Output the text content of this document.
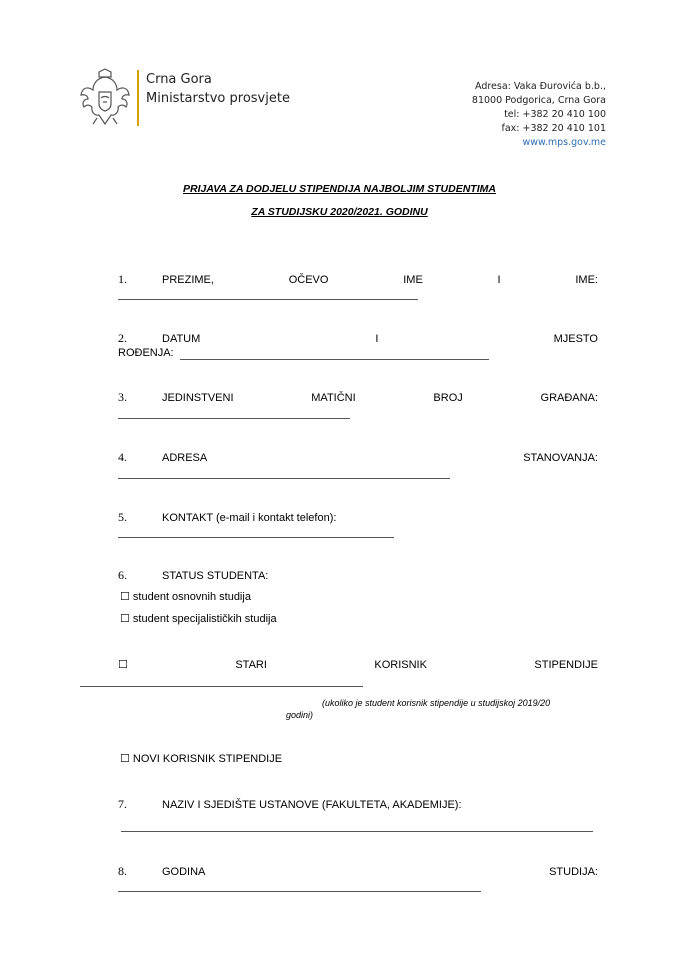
Crna Gora
Ministarstvo prosvjete
Adresa: Vaka Đurovića b.b.,
81000 Podgorica, Crna Gora
tel: +382 20 410 100
fax: +382 20 410 101
www.mps.gov.me
PRIJAVA ZA DODJELU STIPENDIJA NAJBOLJIM STUDENTIMA
ZA STUDIJSKU 2020/2021. GODINU
1.	PREZIME,	OČEVO	IME	I	IME:
2.	DATUM	I	MJESTO
ROĐENJA:
3.	JEDINSTVENI	MATIČNI	BROJ	GRAĐANA:
4.	ADRESA	STANOVANJA:
5.	KONTAKT (e-mail i kontakt telefon):
6.	STATUS STUDENTA:
☐ student osnovnih studija
☐ student specijalističkih studija
☐	STARI	KORISNIK	STIPENDIJE
(ukoliko je student korisnik stipendije u studijskoj 2019/20
godini)
☐ NOVI KORISNIK STIPENDIJE
7.	NAZIV I SJEDIŠTE USTANOVE (FAKULTETA, AKADEMIJE):
8.	GODINA	STUDIJA:
